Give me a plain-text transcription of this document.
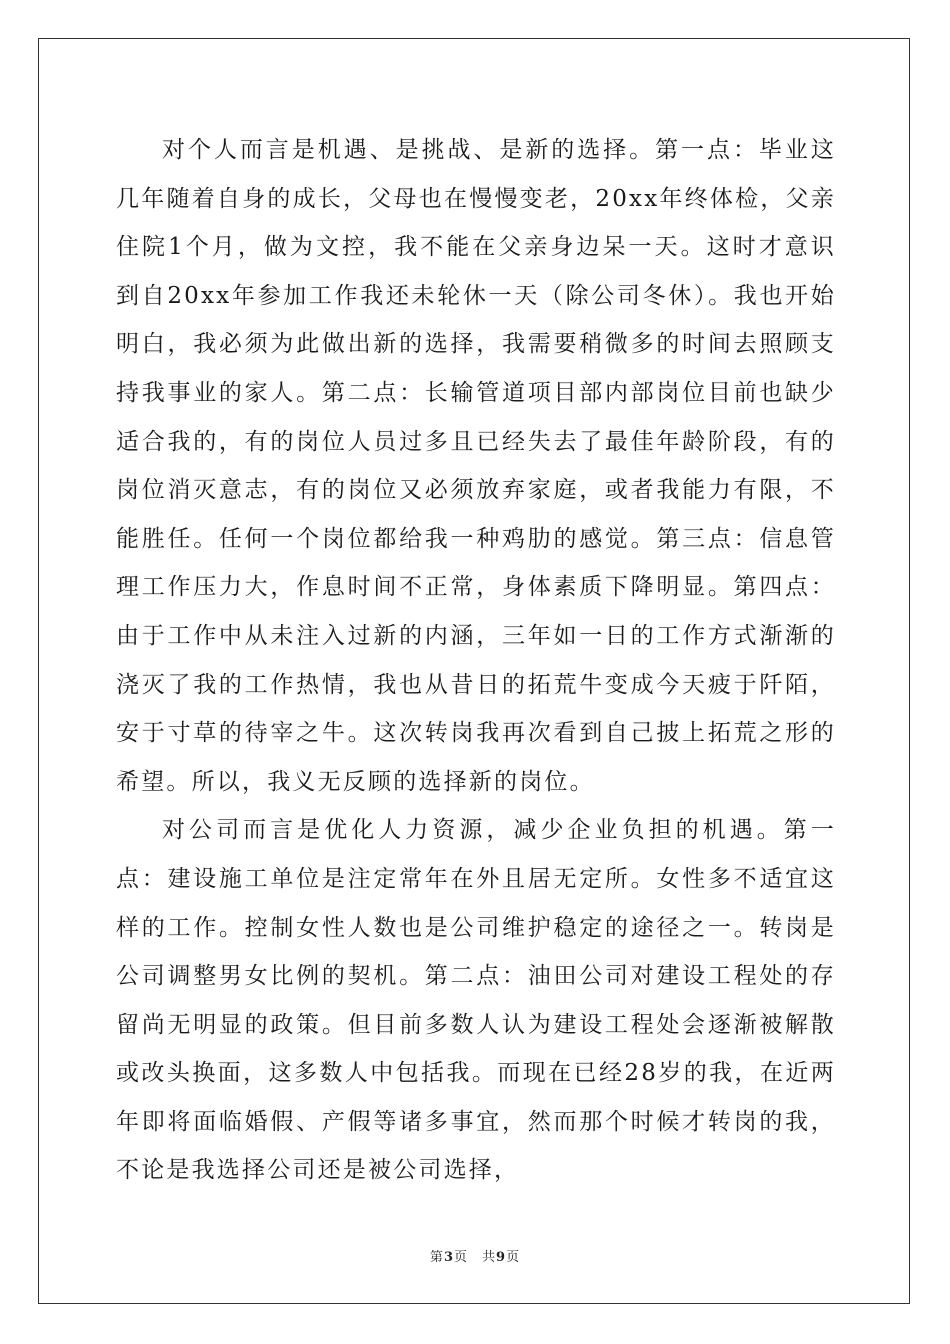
对个人而言是机遇、是挑战、是新的选择。第一点：毕业这几年随着自身的成长，父母也在慢慢变老，20xx年终体检，父亲住院1个月，做为文控，我不能在父亲身边呆一天。这时才意识到自20xx年参加工作我还未轮休一天（除公司冬休）。我也开始明白，我必须为此做出新的选择，我需要稍微多的时间去照顾支持我事业的家人。第二点：长输管道项目部内部岗位目前也缺少适合我的，有的岗位人员过多且已经失去了最佳年龄阶段，有的岗位消灭意志，有的岗位又必须放弃家庭，或者我能力有限，不能胜任。任何一个岗位都给我一种鸡肋的感觉。第三点：信息管理工作压力大，作息时间不正常，身体素质下降明显。第四点：由于工作中从未注入过新的内涵，三年如一日的工作方式渐渐的浇灭了我的工作热情，我也从昔日的拓荒牛变成今天疲于阡陌，安于寸草的待宰之牛。这次转岗我再次看到自己披上拓荒之形的希望。所以，我义无反顾的选择新的岗位。

对公司而言是优化人力资源，减少企业负担的机遇。第一点：建设施工单位是注定常年在外且居无定所。女性多不适宜这样的工作。控制女性人数也是公司维护稳定的途径之一。转岗是公司调整男女比例的契机。第二点：油田公司对建设工程处的存留尚无明显的政策。但目前多数人认为建设工程处会逐渐被解散或改头换面，这多数人中包括我。而现在已经28岁的我，在近两年即将面临婚假、产假等诸多事宜，然而那个时候才转岗的我，不论是我选择公司还是被公司选择，

第3页 共9页
